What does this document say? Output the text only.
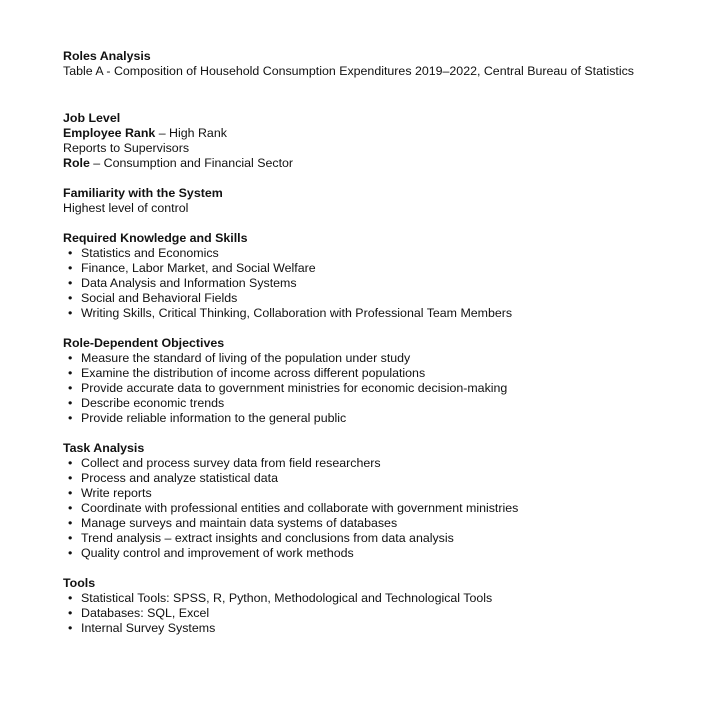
Roles Analysis
Table A - Composition of Household Consumption Expenditures 2019–2022, Central Bureau of Statistics
Job Level
Employee Rank – High Rank
Reports to Supervisors
Role – Consumption and Financial Sector
Familiarity with the System
Highest level of control
Required Knowledge and Skills
• Statistics and Economics
• Finance, Labor Market, and Social Welfare
• Data Analysis and Information Systems
• Social and Behavioral Fields
• Writing Skills, Critical Thinking, Collaboration with Professional Team Members
Role-Dependent Objectives
• Measure the standard of living of the population under study
• Examine the distribution of income across different populations
• Provide accurate data to government ministries for economic decision-making
• Describe economic trends
• Provide reliable information to the general public
Task Analysis
• Collect and process survey data from field researchers
• Process and analyze statistical data
• Write reports
• Coordinate with professional entities and collaborate with government ministries
• Manage surveys and maintain data systems of databases
• Trend analysis – extract insights and conclusions from data analysis
• Quality control and improvement of work methods
Tools
• Statistical Tools: SPSS, R, Python, Methodological and Technological Tools
• Databases: SQL, Excel
• Internal Survey Systems
